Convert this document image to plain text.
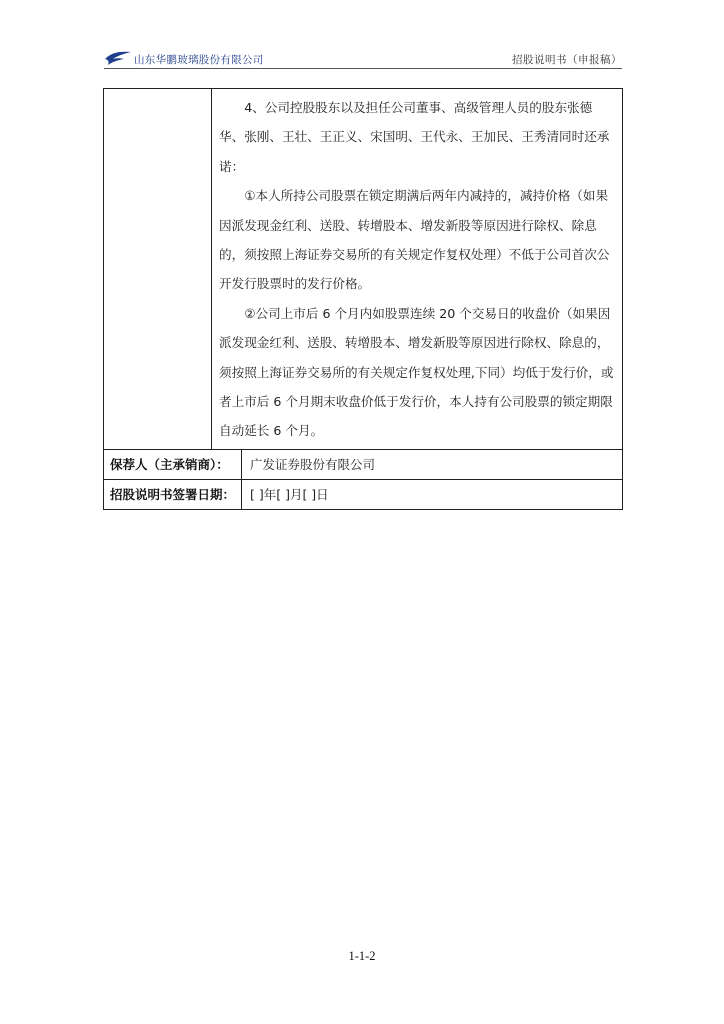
山东华鹏玻璃股份有限公司	招股说明书（申报稿）

	4、公司控股股东以及担任公司董事、高级管理人员的股东张德华、张刚、王壮、王正义、宋国明、王代永、王加民、王秀清同时还承诺：

①本人所持公司股票在锁定期满后两年内减持的，减持价格（如果因派发现金红利、送股、转增股本、增发新股等原因进行除权、除息的，须按照上海证券交易所的有关规定作复权处理）不低于公司首次公开发行股票时的发行价格。

②公司上市后 6 个月内如股票连续 20 个交易日的收盘价（如果因派发现金红利、送股、转增股本、增发新股等原因进行除权、除息的，须按照上海证券交易所的有关规定作复权处理,下同）均低于发行价，或者上市后 6 个月期末收盘价低于发行价，本人持有公司股票的锁定期限自动延长 6 个月。	

保荐人（主承销商）：		广发证券股份有限公司
招股说明书签署日期：		[ ]年[ ]月[ ]日
1-1-2
